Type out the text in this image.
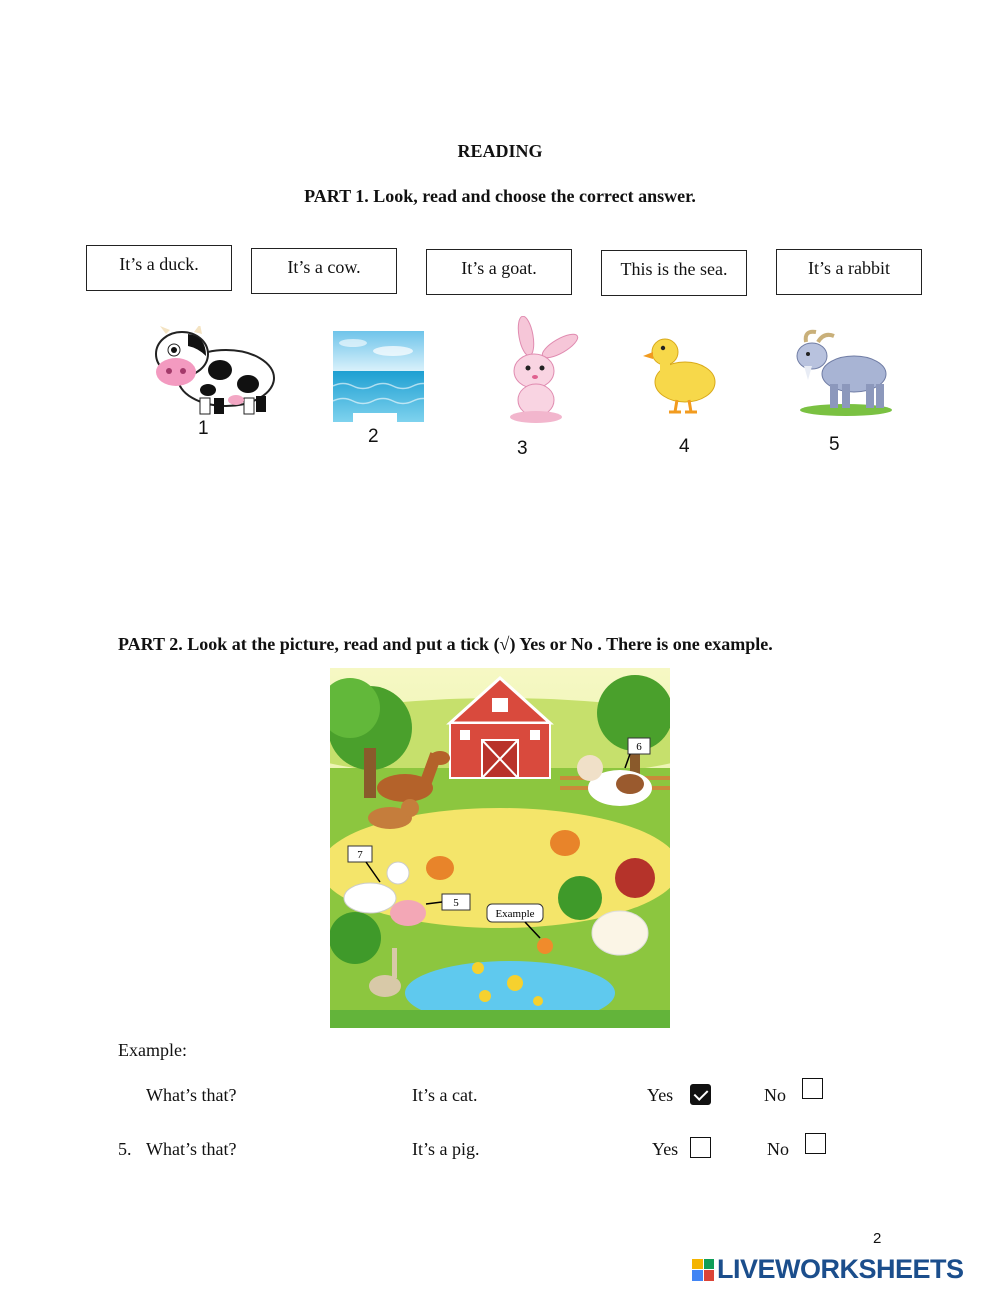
READING
PART 1. Look, read and choose the correct answer.
It’s a duck.	It’s a cow.	It’s a goat.	This is the sea.	It’s a rabbit
1	2
3	4	5
PART 2. Look at the picture, read and put a tick (√) Yes or No . There is one example.
6
7
5
Example
Example:
What’s that?	It’s a cat.	Yes	No
5. What’s that?	It’s a pig.	Yes	No
2
LIVEWORKSHEETS
